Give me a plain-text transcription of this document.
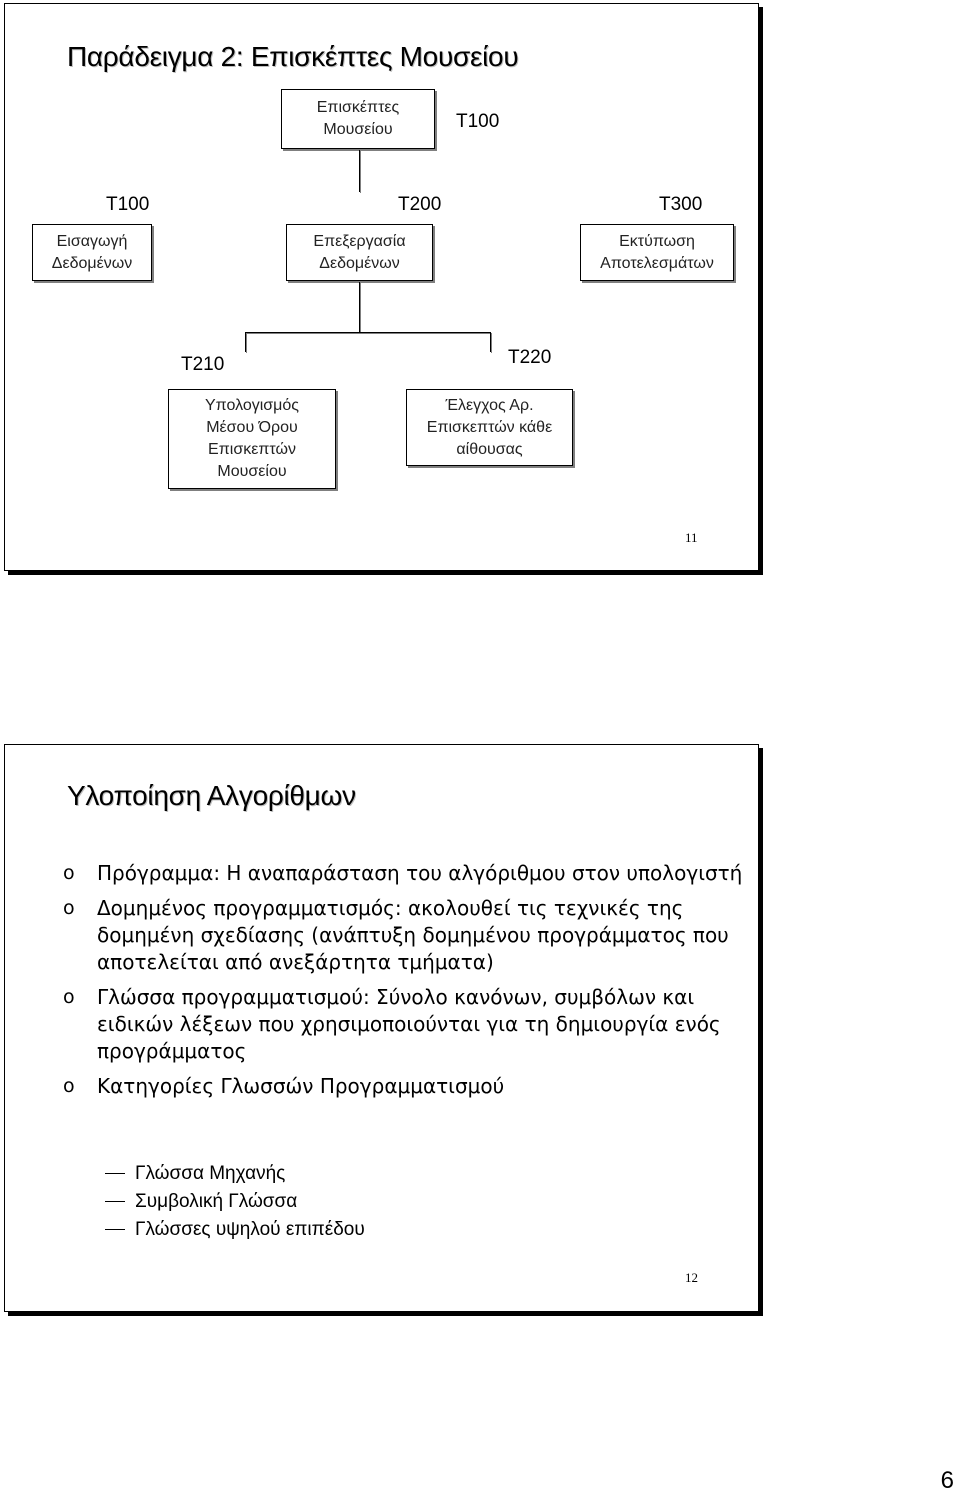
Παράδειγμα 2: Επισκέπτες Μουσείου
Επισκέπτες Μουσείου	T100
T100	T200	T300
Εισαγωγή Δεδομένων
Επεξεργασία Δεδομένων
Εκτύπωση Αποτελεσμάτων
T210	T220
Υπολογισμός Μέσου Όρου Επισκεπτών Μουσείου
Έλεγχος Αρ. Επισκεπτών κάθε αίθουσας
11
Υλοποίηση Αλγορίθμων
o Πρόγραμμα: Η αναπαράσταση του αλγόριθμου στον υπολογιστή
o Δομημένος προγραμματισμός: ακολουθεί τις τεχνικές της δομημένη σχεδίασης (ανάπτυξη δομημένου προγράμματος που αποτελείται από ανεξάρτητα τμήματα)
o Γλώσσα προγραμματισμού: Σύνολο κανόνων, συμβόλων και ειδικών λέξεων που χρησιμοποιούνται για τη δημιουργία ενός προγράμματος
o Κατηγορίες Γλωσσών Προγραμματισμού
Γλώσσα Μηχανής
Συμβολική Γλώσσα
Γλώσσες υψηλού επιπέδου
12
6
